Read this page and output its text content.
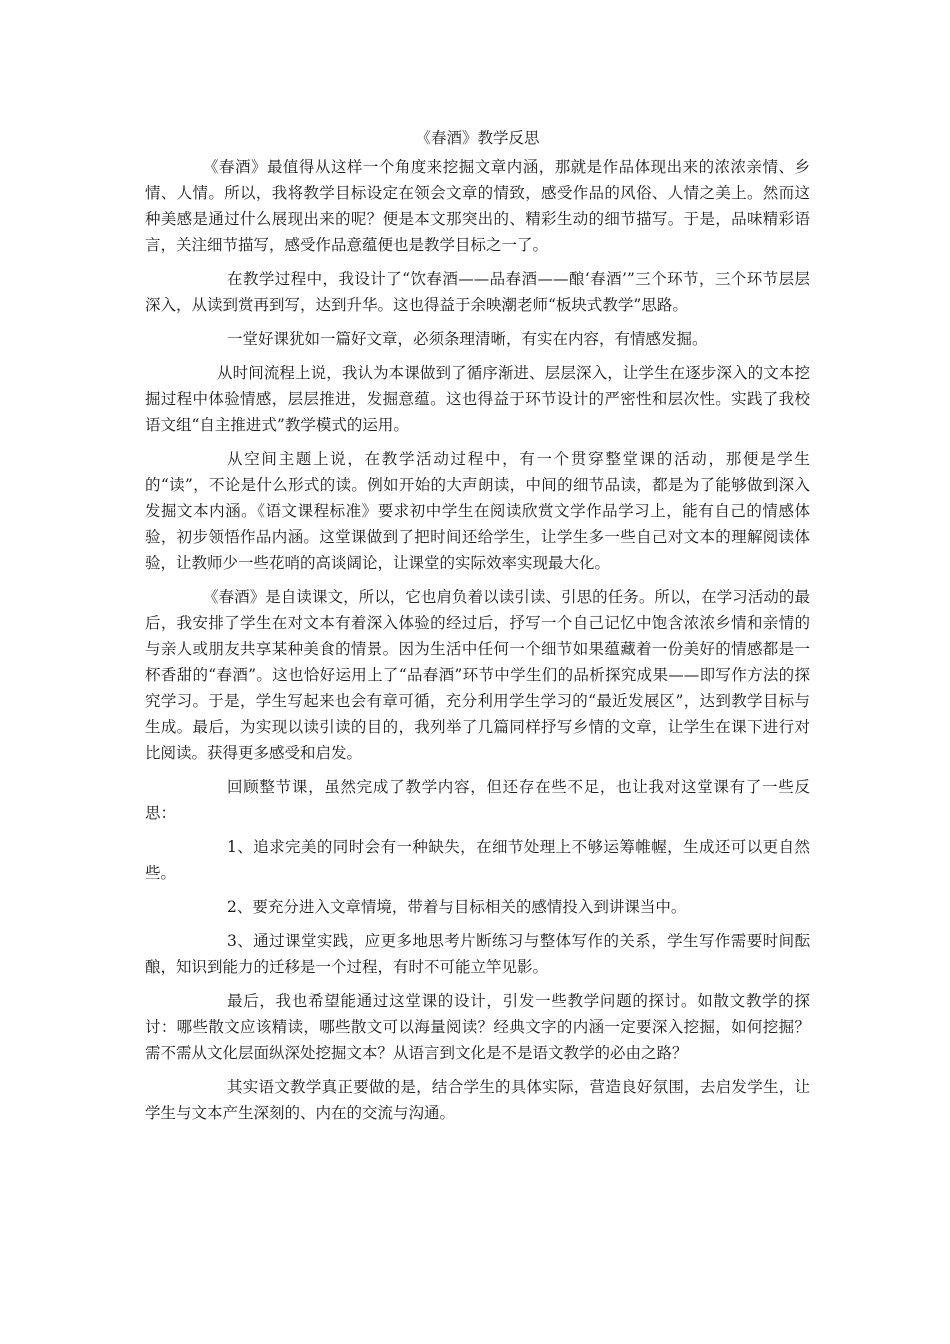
《春酒》教学反思

《春酒》最值得从这样一个角度来挖掘文章内涵，那就是作品体现出来的浓浓亲情、乡情、人情。所以，我将教学目标设定在领会文章的情致，感受作品的风俗、人情之美上。然而这种美感是通过什么展现出来的呢？便是本文那突出的、精彩生动的细节描写。于是，品味精彩语言，关注细节描写，感受作品意蕴便也是教学目标之一了。

在教学过程中，我设计了“饮春酒——品春酒——酿‘春酒’”三个环节，三个环节层层深入，从读到赏再到写，达到升华。这也得益于余映潮老师“板块式教学”思路。

一堂好课犹如一篇好文章，必须条理清晰，有实在内容，有情感发掘。

从时间流程上说，我认为本课做到了循序渐进、层层深入，让学生在逐步深入的文本挖掘过程中体验情感，层层推进，发掘意蕴。这也得益于环节设计的严密性和层次性。实践了我校语文组“自主推进式”教学模式的运用。

从空间主题上说，在教学活动过程中，有一个贯穿整堂课的活动，那便是学生的“读”，不论是什么形式的读。例如开始的大声朗读，中间的细节品读，都是为了能够做到深入发掘文本内涵。《语文课程标准》要求初中学生在阅读欣赏文学作品学习上，能有自己的情感体验，初步领悟作品内涵。这堂课做到了把时间还给学生，让学生多一些自己对文本的理解阅读体验，让教师少一些花哨的高谈阔论，让课堂的实际效率实现最大化。

《春酒》是自读课文，所以，它也肩负着以读引读、引思的任务。所以，在学习活动的最后，我安排了学生在对文本有着深入体验的经过后，抒写一个自己记忆中饱含浓浓乡情和亲情的与亲人或朋友共享某种美食的情景。因为生活中任何一个细节如果蕴藏着一份美好的情感都是一杯香甜的“春酒”。这也恰好运用上了“品春酒”环节中学生们的品析探究成果——即写作方法的探究学习。于是，学生写起来也会有章可循，充分利用学生学习的“最近发展区”，达到教学目标与生成。最后，为实现以读引读的目的，我列举了几篇同样抒写乡情的文章，让学生在课下进行对比阅读。获得更多感受和启发。

回顾整节课，虽然完成了教学内容，但还存在些不足，也让我对这堂课有了一些反思：

1、追求完美的同时会有一种缺失，在细节处理上不够运筹帷幄，生成还可以更自然些。

2、要充分进入文章情境，带着与目标相关的感情投入到讲课当中。

3、通过课堂实践，应更多地思考片断练习与整体写作的关系，学生写作需要时间酝酿，知识到能力的迁移是一个过程，有时不可能立竿见影。

最后，我也希望能通过这堂课的设计，引发一些教学问题的探讨。如散文教学的探讨：哪些散文应该精读，哪些散文可以海量阅读？经典文字的内涵一定要深入挖掘，如何挖掘？需不需从文化层面纵深处挖掘文本？从语言到文化是不是语文教学的必由之路？

其实语文教学真正要做的是，结合学生的具体实际，营造良好氛围，去启发学生，让学生与文本产生深刻的、内在的交流与沟通。
